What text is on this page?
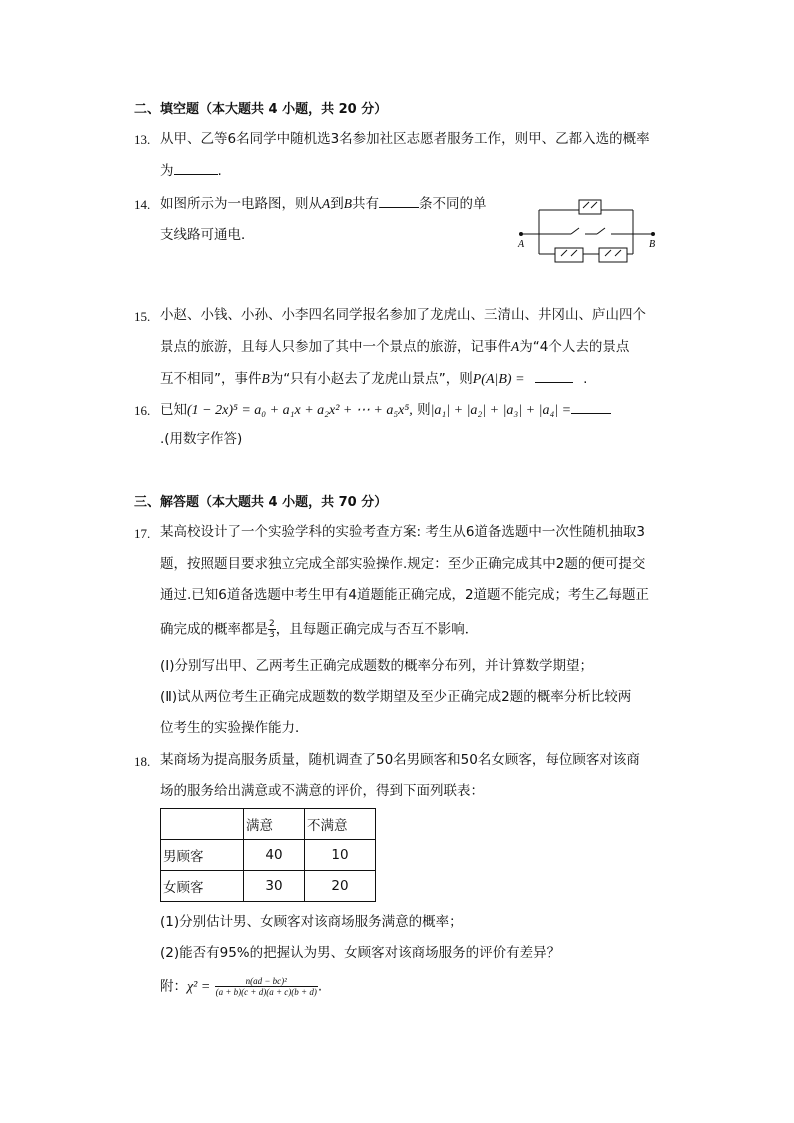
二、填空题（本大题共 4 小题，共 20 分）
13. 从甲、乙等6名同学中随机选3名参加社区志愿者服务工作，则甲、乙都入选的概率
为	.
14. 如图所示为一电路图，则从A到B共有	条不同的单
支线路可通电．
A	B
15. 小赵、小钱、小孙、小李四名同学报名参加了龙虎山、三清山、井冈山、庐山四个
景点的旅游，且每人只参加了其中一个景点的旅游，记事件A为“4个人去的景点
互不相同”，事件B为“只有小赵去了龙虎山景点”，则P(A|B) =	.
16. 已知(1 − 2x)⁵ = a₀ + a₁x + a₂x² + ⋯ + a₅x⁵, 则|a₁| + |a₂| + |a₃| + |a₄| =
.(用数字作答)
三、解答题（本大题共 4 小题，共 70 分）
17. 某高校设计了一个实验学科的实验考查方案: 考生从6道备选题中一次性随机抽取3
题，按照题目要求独立完成全部实验操作.规定：至少正确完成其中2题的便可提交
通过.已知6道备选题中考生甲有4道题能正确完成，2道题不能完成；考生乙每题正
确完成的概率都是 $\frac{2}{3}$ ，且每题正确完成与否互不影响．
(Ⅰ)分别写出甲、乙两考生正确完成题数的概率分布列，并计算数学期望；
(Ⅱ)试从两位考生正确完成题数的数学期望及至少正确完成2题的概率分析比较两
位考生的实验操作能力．
18. 某商场为提高服务质量，随机调查了50名男顾客和50名女顾客，每位顾客对该商
场的服务给出满意或不满意的评价，得到下面列联表：
	满意	不满意
男顾客	40	10
女顾客	30	20
(1)分别估计男、女顾客对该商场服务满意的概率；
(2)能否有95%的把握认为男、女顾客对该商场服务的评价有差异？
附：$\chi^2 = \frac{\text{n(ad − bc)²}}{(a + b)(c + d)(a + c)(b + d)}$ .
